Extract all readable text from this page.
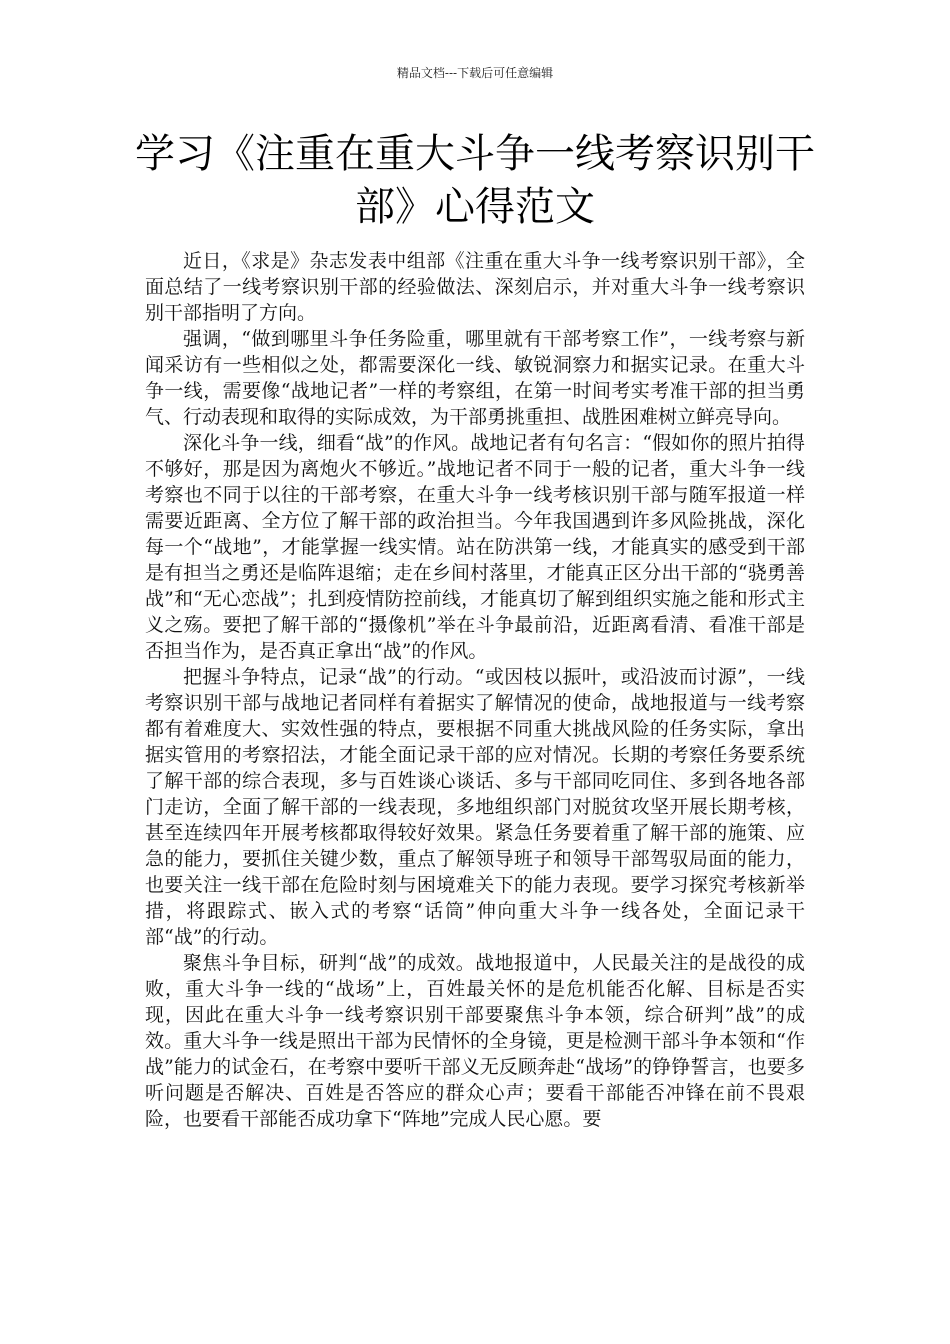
精品文档---下载后可任意编辑
学习《注重在重大斗争一线考察识别干部》心得范文

近日，《求是》杂志发表中组部《注重在重大斗争一线考察识别干部》，全面总结了一线考察识别干部的经验做法、深刻启示，并对重大斗争一线考察识别干部指明了方向。

强调，“做到哪里斗争任务险重，哪里就有干部考察工作”，一线考察与新闻采访有一些相似之处，都需要深化一线、敏锐洞察力和据实记录。在重大斗争一线，需要像“战地记者”一样的考察组，在第一时间考实考准干部的担当勇气、行动表现和取得的实际成效，为干部勇挑重担、战胜困难树立鲜亮导向。

深化斗争一线，细看“战”的作风。战地记者有句名言：“假如你的照片拍得不够好，那是因为离炮火不够近。”战地记者不同于一般的记者，重大斗争一线考察也不同于以往的干部考察，在重大斗争一线考核识别干部与随军报道一样需要近距离、全方位了解干部的政治担当。今年我国遇到许多风险挑战，深化每一个“战地”，才能掌握一线实情。站在防洪第一线，才能真实的感受到干部是有担当之勇还是临阵退缩；走在乡间村落里，才能真正区分出干部的“骁勇善战”和“无心恋战”；扎到疫情防控前线，才能真切了解到组织实施之能和形式主义之殇。要把了解干部的“摄像机”举在斗争最前沿，近距离看清、看准干部是否担当作为，是否真正拿出“战”的作风。

把握斗争特点，记录“战”的行动。“或因枝以振叶，或沿波而讨源”，一线考察识别干部与战地记者同样有着据实了解情况的使命，战地报道与一线考察都有着难度大、实效性强的特点，要根据不同重大挑战风险的任务实际，拿出据实管用的考察招法，才能全面记录干部的应对情况。长期的考察任务要系统了解干部的综合表现，多与百姓谈心谈话、多与干部同吃同住、多到各地各部门走访，全面了解干部的一线表现，多地组织部门对脱贫攻坚开展长期考核，甚至连续四年开展考核都取得较好效果。紧急任务要着重了解干部的施策、应急的能力，要抓住关键少数，重点了解领导班子和领导干部驾驭局面的能力，也要关注一线干部在危险时刻与困境难关下的能力表现。要学习探究考核新举措，将跟踪式、嵌入式的考察“话筒”伸向重大斗争一线各处，全面记录干部“战”的行动。

聚焦斗争目标，研判“战”的成效。战地报道中，人民最关注的是战役的成败，重大斗争一线的“战场”上，百姓最关怀的是危机能否化解、目标是否实现，因此在重大斗争一线考察识别干部要聚焦斗争本领，综合研判”战”的成效。重大斗争一线是照出干部为民情怀的全身镜，更是检测干部斗争本领和“作战”能力的试金石，在考察中要听干部义无反顾奔赴“战场”的铮铮誓言，也要多听问题是否解决、百姓是否答应的群众心声；要看干部能否冲锋在前不畏艰险，也要看干部能否成功拿下“阵地”完成人民心愿。要
